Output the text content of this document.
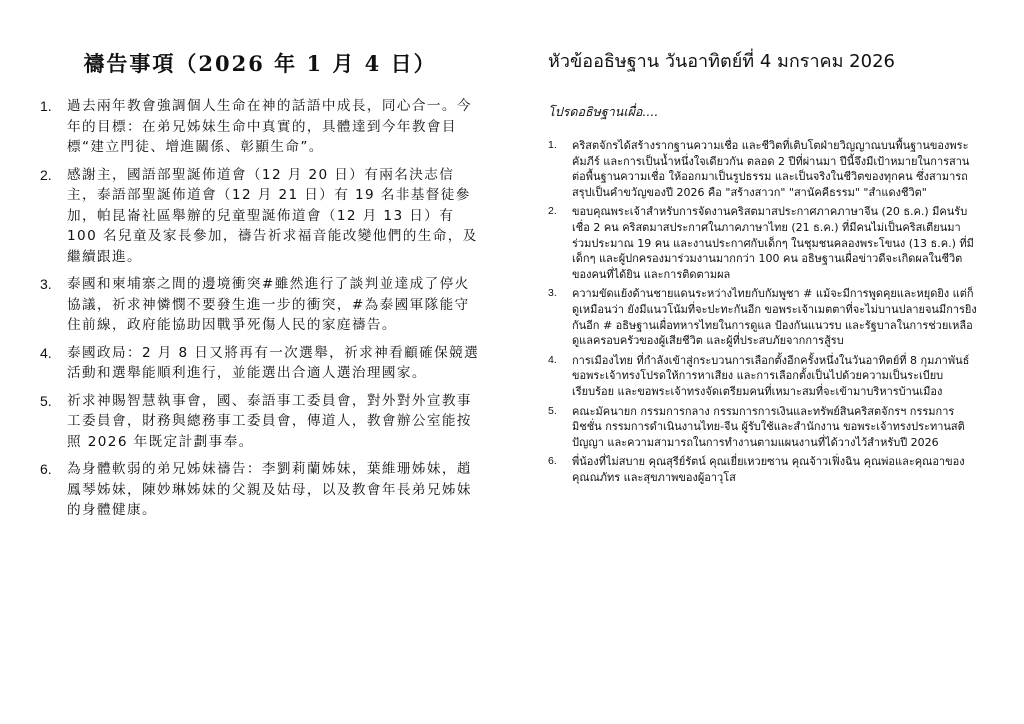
禱告事項（2026 年 1 月 4 日）
1. 過去兩年教會強調個人生命在神的話語中成長，同心合一。今年的目標：在弟兄姊妹生命中真實的，具體達到今年教會目標“建立門徒、增進關係、彰顯生命”。
2. 感謝主，國語部聖誕佈道會（12 月 20 日）有兩名決志信主，泰語部聖誕佈道會（12 月 21 日）有 19 名非基督徒參加，帕昆崙社區舉辦的兒童聖誕佈道會（12 月 13 日）有 100 名兒童及家長參加，禱告祈求福音能改變他們的生命，及繼續跟進。
3. 泰國和柬埔寨之間的邊境衝突#雖然進行了談判並達成了停火協議，祈求神憐憫不要發生進一步的衝突，#為泰國軍隊能守住前線，政府能協助因戰爭死傷人民的家庭禱告。
4. 泰國政局：2 月 8 日又將再有一次選舉，祈求神看顧確保競選活動和選舉能順利進行，並能選出合適人選治理國家。
5. 祈求神賜智慧執事會，國、泰語事工委員會，對外對外宣教事工委員會，財務與總務事工委員會，傳道人，教會辦公室能按照 2026 年既定計劃事奉。
6. 為身體軟弱的弟兄姊妹禱告：李劉莉蘭姊妹，葉維珊姊妹，趙鳳琴姊妹，陳妙琳姊妹的父親及姑母，以及教會年長弟兄姊妹的身體健康。
หัวข้ออธิษฐาน วันอาทิตย์ที่ 4 มกราคม 2026

โปรดอธิษฐานเผื่อ....

1. คริสตจักรได้สร้างรากฐานความเชื่อ และชีวิตที่เติบโตฝ่ายวิญญาณบนพื้นฐานของพระคัมภีร์ และการเป็นน้ำหนึ่งใจเดียวกัน ตลอด 2 ปีที่ผ่านมา ปีนี้จึงมีเป้าหมายในการสานต่อพื้นฐานความเชื่อ ให้ออกมาเป็นรูปธรรม และเป็นจริงในชีวิตของทุกคน ซึ่งสามารถสรุปเป็นคำขวัญของปี 2026 คือ "สร้างสาวก" "สานัคคีธรรม" "สำแดงชีวิต"
2. ขอบคุณพระเจ้าสำหรับการจัดงานคริสตมาสประกาศภาคภาษาจีน (20 ธ.ค.) มีคนรับเชื่อ 2 คน คริสตมาสประกาศในภาคภาษาไทย (21 ธ.ค.) ที่มีคนไม่เป็นคริสเตียนมาร่วมประมาณ 19 คน และงานประกาศกับเด็กๆ ในชุมชนคลองพระโขนง (13 ธ.ค.) ที่มีเด็กๆ และผู้ปกครองมาร่วมงานมากกว่า 100 คน อธิษฐานเผื่อข่าวดีจะเกิดผลในชีวิตของคนที่ได้ยิน และการติดตามผล
3. ความขัดแย้งด้านชายแดนระหว่างไทยกับกัมพูชา # แม้จะมีการพูดคุยและหยุดยิง แต่ก็ดูเหมือนว่า ยังมีแนวโน้มที่จะปะทะกันอีก ขอพระเจ้าเมตตาที่จะไม่บานปลายจนมีการยิงกันอีก # อธิษฐานเผื่อทหารไทยในการดูแล ป้องกันแนวรบ และรัฐบาลในการช่วยเหลือดูแลครอบครัวของผู้เสียชีวิต และผู้ที่ประสบภัยจากการสู้รบ
4. การเมืองไทย ที่กำลังเข้าสู่กระบวนการเลือกตั้งอีกครั้งหนึ่งในวันอาทิตย์ที่ 8 กุมภาพันธ์ ขอพระเจ้าทรงโปรดให้การหาเสียง และการเลือกตั้งเป็นไปด้วยความเป็นระเบียบเรียบร้อย และขอพระเจ้าทรงจัดเตรียมคนที่เหมาะสมที่จะเข้ามาบริหารบ้านเมือง
5. คณะมัคนายก กรรมการกลาง กรรมการการเงินและทรัพย์สินคริสตจักรฯ กรรมการมิชชั่น กรรมการดำเนินงานไทย-จีน ผู้รับใช้และสำนักงาน ขอพระเจ้าทรงประทานสติปัญญา และความสามารถในการทำงานตามแผนงานที่ได้วางไว้สำหรับปี 2026
6. พี่น้องที่ไม่สบาย คุณสุรีย์รัตน์ คุณเยี่ยเหวยซาน คุณจ้าวเฟิ่งฉิน คุณพ่อและคุณอาของคุณณภัทร และสุขภาพของผู้อาวุโส
